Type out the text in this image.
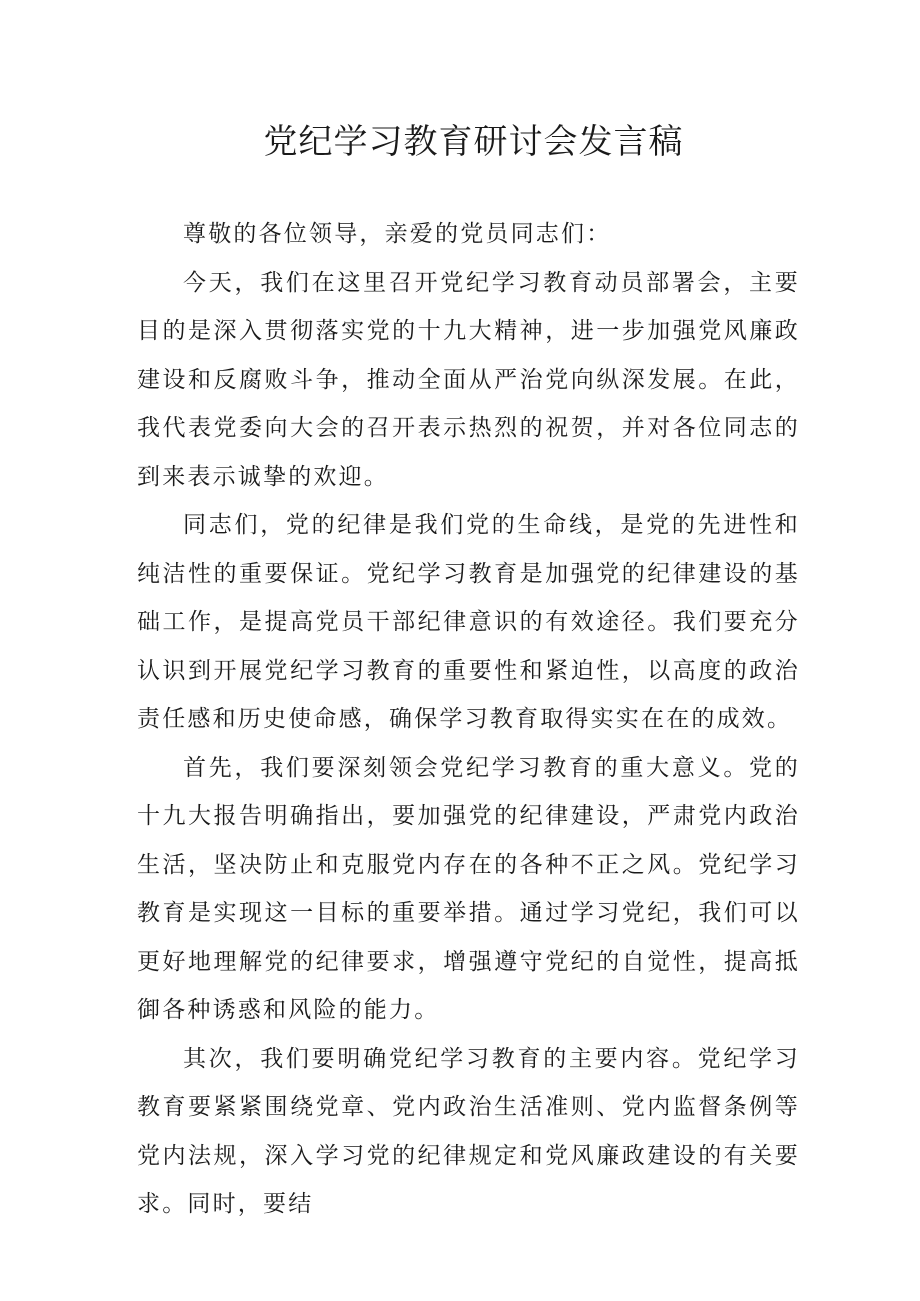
党纪学习教育研讨会发言稿

尊敬的各位领导，亲爱的党员同志们：

今天，我们在这里召开党纪学习教育动员部署会，主要目的是深入贯彻落实党的十九大精神，进一步加强党风廉政建设和反腐败斗争，推动全面从严治党向纵深发展。在此，我代表党委向大会的召开表示热烈的祝贺，并对各位同志的到来表示诚挚的欢迎。

同志们，党的纪律是我们党的生命线，是党的先进性和纯洁性的重要保证。党纪学习教育是加强党的纪律建设的基础工作，是提高党员干部纪律意识的有效途径。我们要充分认识到开展党纪学习教育的重要性和紧迫性，以高度的政治责任感和历史使命感，确保学习教育取得实实在在的成效。

首先，我们要深刻领会党纪学习教育的重大意义。党的十九大报告明确指出，要加强党的纪律建设，严肃党内政治生活，坚决防止和克服党内存在的各种不正之风。党纪学习教育是实现这一目标的重要举措。通过学习党纪，我们可以更好地理解党的纪律要求，增强遵守党纪的自觉性，提高抵御各种诱惑和风险的能力。

其次，我们要明确党纪学习教育的主要内容。党纪学习教育要紧紧围绕党章、党内政治生活准则、党内监督条例等党内法规，深入学习党的纪律规定和党风廉政建设的有关要求。同时，要结
